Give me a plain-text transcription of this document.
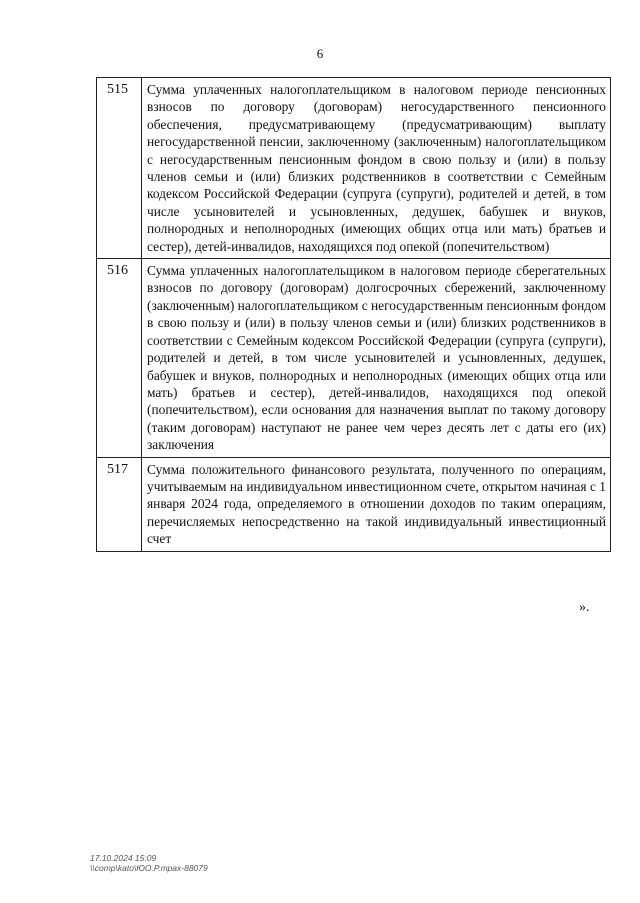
6
515	Сумма уплаченных налогоплательщиком в налоговом периоде пенсионных взносов по договору (договорам) негосударственного пенсионного обеспечения, предусматривающему (предусматривающим) выплату негосударственной пенсии, заключенному (заключенным) налогоплательщиком с негосударственным пенсионным фондом в свою пользу и (или) в пользу членов семьи и (или) близких родственников в соответствии с Семейным кодексом Российской Федерации (супруга (супруги), родителей и детей, в том числе усыновителей и усыновленных, дедушек, бабушек и внуков, полнородных и неполнородных (имеющих общих отца или мать) братьев и сестер), детей-инвалидов, находящихся под опекой (попечительством)
516	Сумма уплаченных налогоплательщиком в налоговом периоде сберегательных взносов по договору (договорам) долгосрочных сбережений, заключенному (заключенным) налогоплательщиком с негосударственным пенсионным фондом в свою пользу и (или) в пользу членов семьи и (или) близких родственников в соответствии с Семейным кодексом Российской Федерации (супруга (супруги), родителей и детей, в том числе усыновителей и усыновленных, дедушек, бабушек и внуков, полнородных и неполнородных (имеющих общих отца или мать) братьев и сестер), детей-инвалидов, находящихся под опекой (попечительством), если основания для назначения выплат по такому договору (таким договорам) наступают не ранее чем через десять лет с даты его (их) заключения
517	Сумма положительного финансового результата, полученного по операциям, учитываемым на индивидуальном инвестиционном счете, открытом начиная с 1 января 2024 года, определяемого в отношении доходов по таким операциям, перечисляемых непосредственно на такой индивидуальный инвестиционный счет
».
17.10.2024 15:09
\\comp\kato\ЮО.Р.трах-88079
